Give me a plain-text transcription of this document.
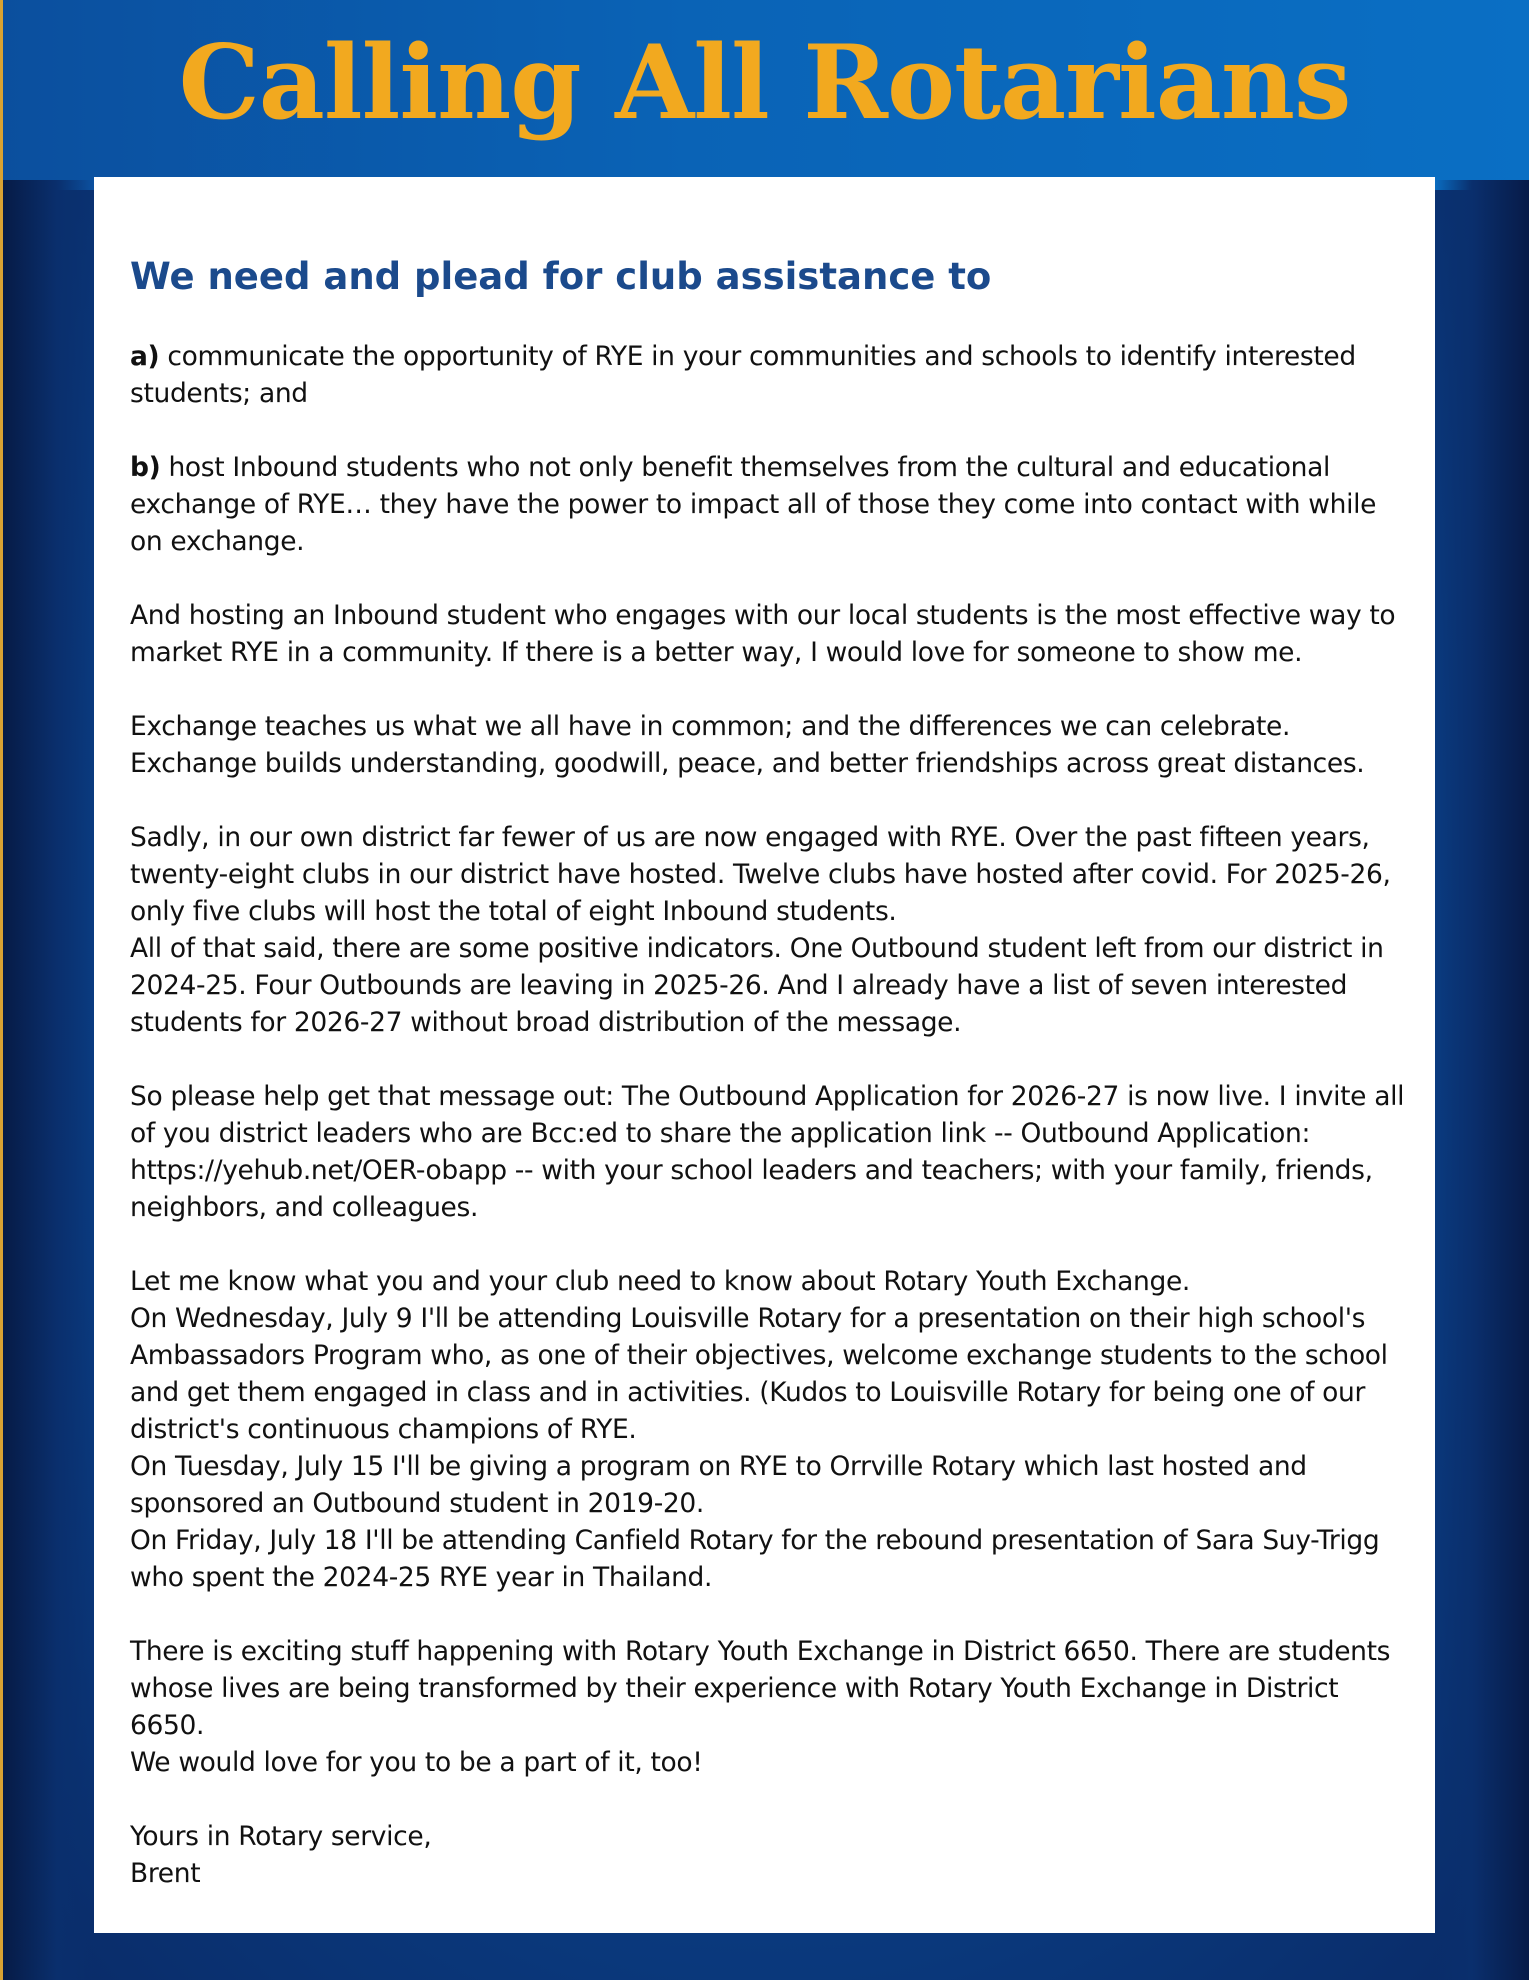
Calling All Rotarians
We need and plead for club assistance to

a) communicate the opportunity of RYE in your communities and schools to identify interested students; and

b) host Inbound students who not only benefit themselves from the cultural and educational exchange of RYE… they have the power to impact all of those they come into contact with while on exchange.

And hosting an Inbound student who engages with our local students is the most effective way to market RYE in a community. If there is a better way, I would love for someone to show me.

Exchange teaches us what we all have in common; and the differences we can celebrate. Exchange builds understanding, goodwill, peace, and better friendships across great distances.

Sadly, in our own district far fewer of us are now engaged with RYE. Over the past fifteen years, twenty-eight clubs in our district have hosted. Twelve clubs have hosted after covid. For 2025-26, only five clubs will host the total of eight Inbound students.
All of that said, there are some positive indicators. One Outbound student left from our district in 2024-25. Four Outbounds are leaving in 2025-26. And I already have a list of seven interested students for 2026-27 without broad distribution of the message.

So please help get that message out: The Outbound Application for 2026-27 is now live. I invite all of you district leaders who are Bcc:ed to share the application link -- Outbound Application: https://yehub.net/OER-obapp -- with your school leaders and teachers; with your family, friends, neighbors, and colleagues.

Let me know what you and your club need to know about Rotary Youth Exchange.
On Wednesday, July 9 I'll be attending Louisville Rotary for a presentation on their high school's Ambassadors Program who, as one of their objectives, welcome exchange students to the school and get them engaged in class and in activities. (Kudos to Louisville Rotary for being one of our district's continuous champions of RYE.
On Tuesday, July 15 I'll be giving a program on RYE to Orrville Rotary which last hosted and sponsored an Outbound student in 2019-20.
On Friday, July 18 I'll be attending Canfield Rotary for the rebound presentation of Sara Suy-Trigg who spent the 2024-25 RYE year in Thailand.

There is exciting stuff happening with Rotary Youth Exchange in District 6650. There are students whose lives are being transformed by their experience with Rotary Youth Exchange in District 6650.
We would love for you to be a part of it, too!

Yours in Rotary service,
Brent
